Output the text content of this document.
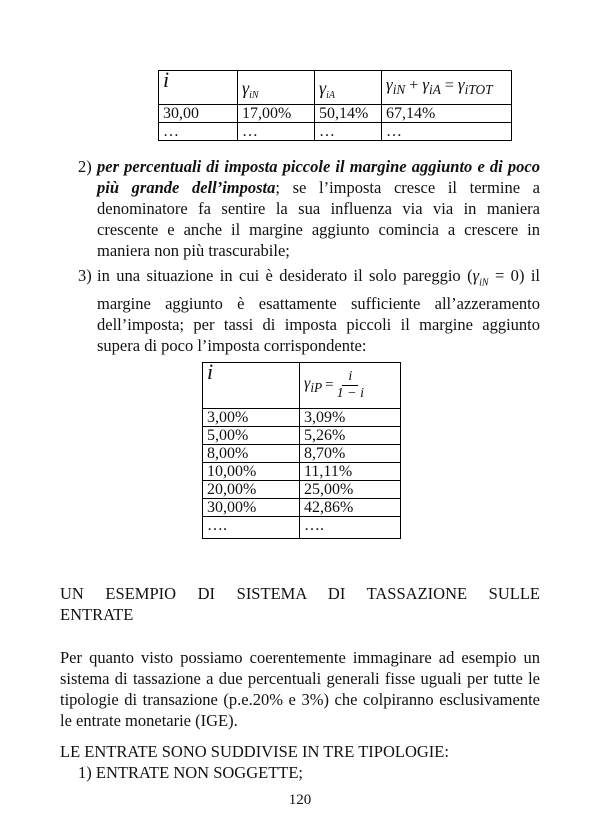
i	$\gamma_{iN}$	$\gamma_{iA}$	$\gamma_{iN} + \gamma_{iA} = \gamma_{iTOT}$
30,00	17,00%	50,14%	67,14%
…	…	…	…
2) per percentuali di imposta piccole il margine aggiunto e di poco più grande dell’imposta; se l’imposta cresce il termine a denominatore fa sentire la sua influenza via via in maniera crescente e anche il margine aggiunto comincia a crescere in maniera non più trascurabile;
3) in una situazione in cui è desiderato il solo pareggio $(\gamma_{iN} = 0)$ il margine aggiunto è esattamente sufficiente all’azzeramento dell’imposta; per tassi di imposta piccoli il margine aggiunto supera di poco l’imposta corrispondente:
i	$\gamma_{iP} = \frac{i}{1 - i}$

3,00%	3,09%
5,00%	5,26%
8,00%	8,70%
10,00%	11,11%
20,00%	25,00%
30,00%	42,86%
….	….
UN ESEMPIO DI SISTEMA DI TASSAZIONE SULLE
ENTRATE
Per quanto visto possiamo coerentemente immaginare ad esempio un sistema di tassazione a due percentuali generali fisse uguali per tutte le tipologie di transazione (p.e.20% e 3%) che colpiranno esclusivamente le entrate monetarie (IGE).
LE ENTRATE SONO SUDDIVISE IN TRE TIPOLOGIE:
1) ENTRATE NON SOGGETTE;
120
